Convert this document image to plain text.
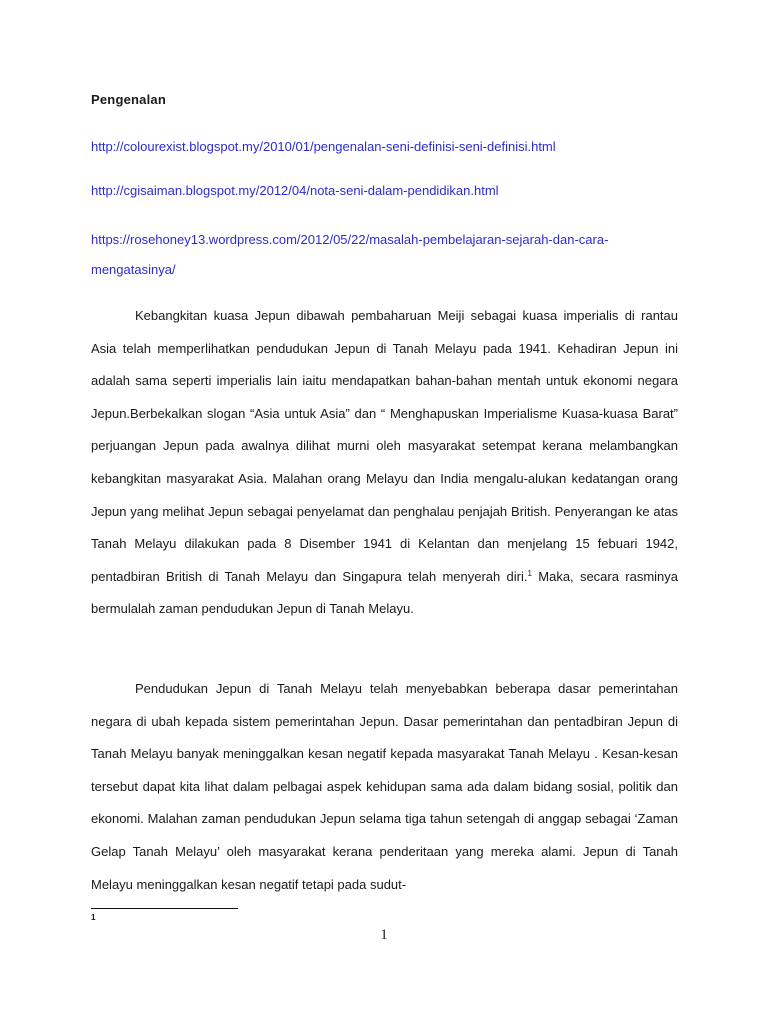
Pengenalan
http://colourexist.blogspot.my/2010/01/pengenalan-seni-definisi-seni-definisi.html
http://cgisaiman.blogspot.my/2012/04/nota-seni-dalam-pendidikan.html
https://rosehoney13.wordpress.com/2012/05/22/masalah-pembelajaran-sejarah-dan-cara-
mengatasinya/

Kebangkitan kuasa Jepun dibawah pembaharuan Meiji sebagai kuasa imperialis di rantau Asia telah memperlihatkan pendudukan Jepun di Tanah Melayu pada 1941. Kehadiran Jepun ini adalah sama seperti imperialis lain iaitu mendapatkan bahan-bahan mentah untuk ekonomi negara Jepun.Berbekalkan slogan “Asia untuk Asia” dan “ Menghapuskan Imperialisme Kuasa-kuasa Barat” perjuangan Jepun pada awalnya dilihat murni oleh masyarakat setempat kerana melambangkan kebangkitan masyarakat Asia. Malahan orang Melayu dan India mengalu-alukan kedatangan orang Jepun yang melihat Jepun sebagai penyelamat dan penghalau penjajah British. Penyerangan ke atas Tanah Melayu dilakukan pada 8 Disember 1941 di Kelantan dan menjelang 15 febuari 1942, pentadbiran British di Tanah Melayu dan Singapura telah menyerah diri.$^1$ Maka, secara rasminya bermulalah zaman pendudukan Jepun di Tanah Melayu.

Pendudukan Jepun di Tanah Melayu telah menyebabkan beberapa dasar pemerintahan negara di ubah kepada sistem pemerintahan Jepun. Dasar pemerintahan dan pentadbiran Jepun di Tanah Melayu banyak meninggalkan kesan negatif kepada masyarakat Tanah Melayu . Kesan-kesan tersebut dapat kita lihat dalam pelbagai aspek kehidupan sama ada dalam bidang sosial, politik dan ekonomi. Malahan zaman pendudukan Jepun selama tiga tahun setengah di anggap sebagai ‘Zaman Gelap Tanah Melayu’ oleh masyarakat kerana penderitaan yang mereka alami. Jepun di Tanah Melayu meninggalkan kesan negatif tetapi pada sudut-

1
1
